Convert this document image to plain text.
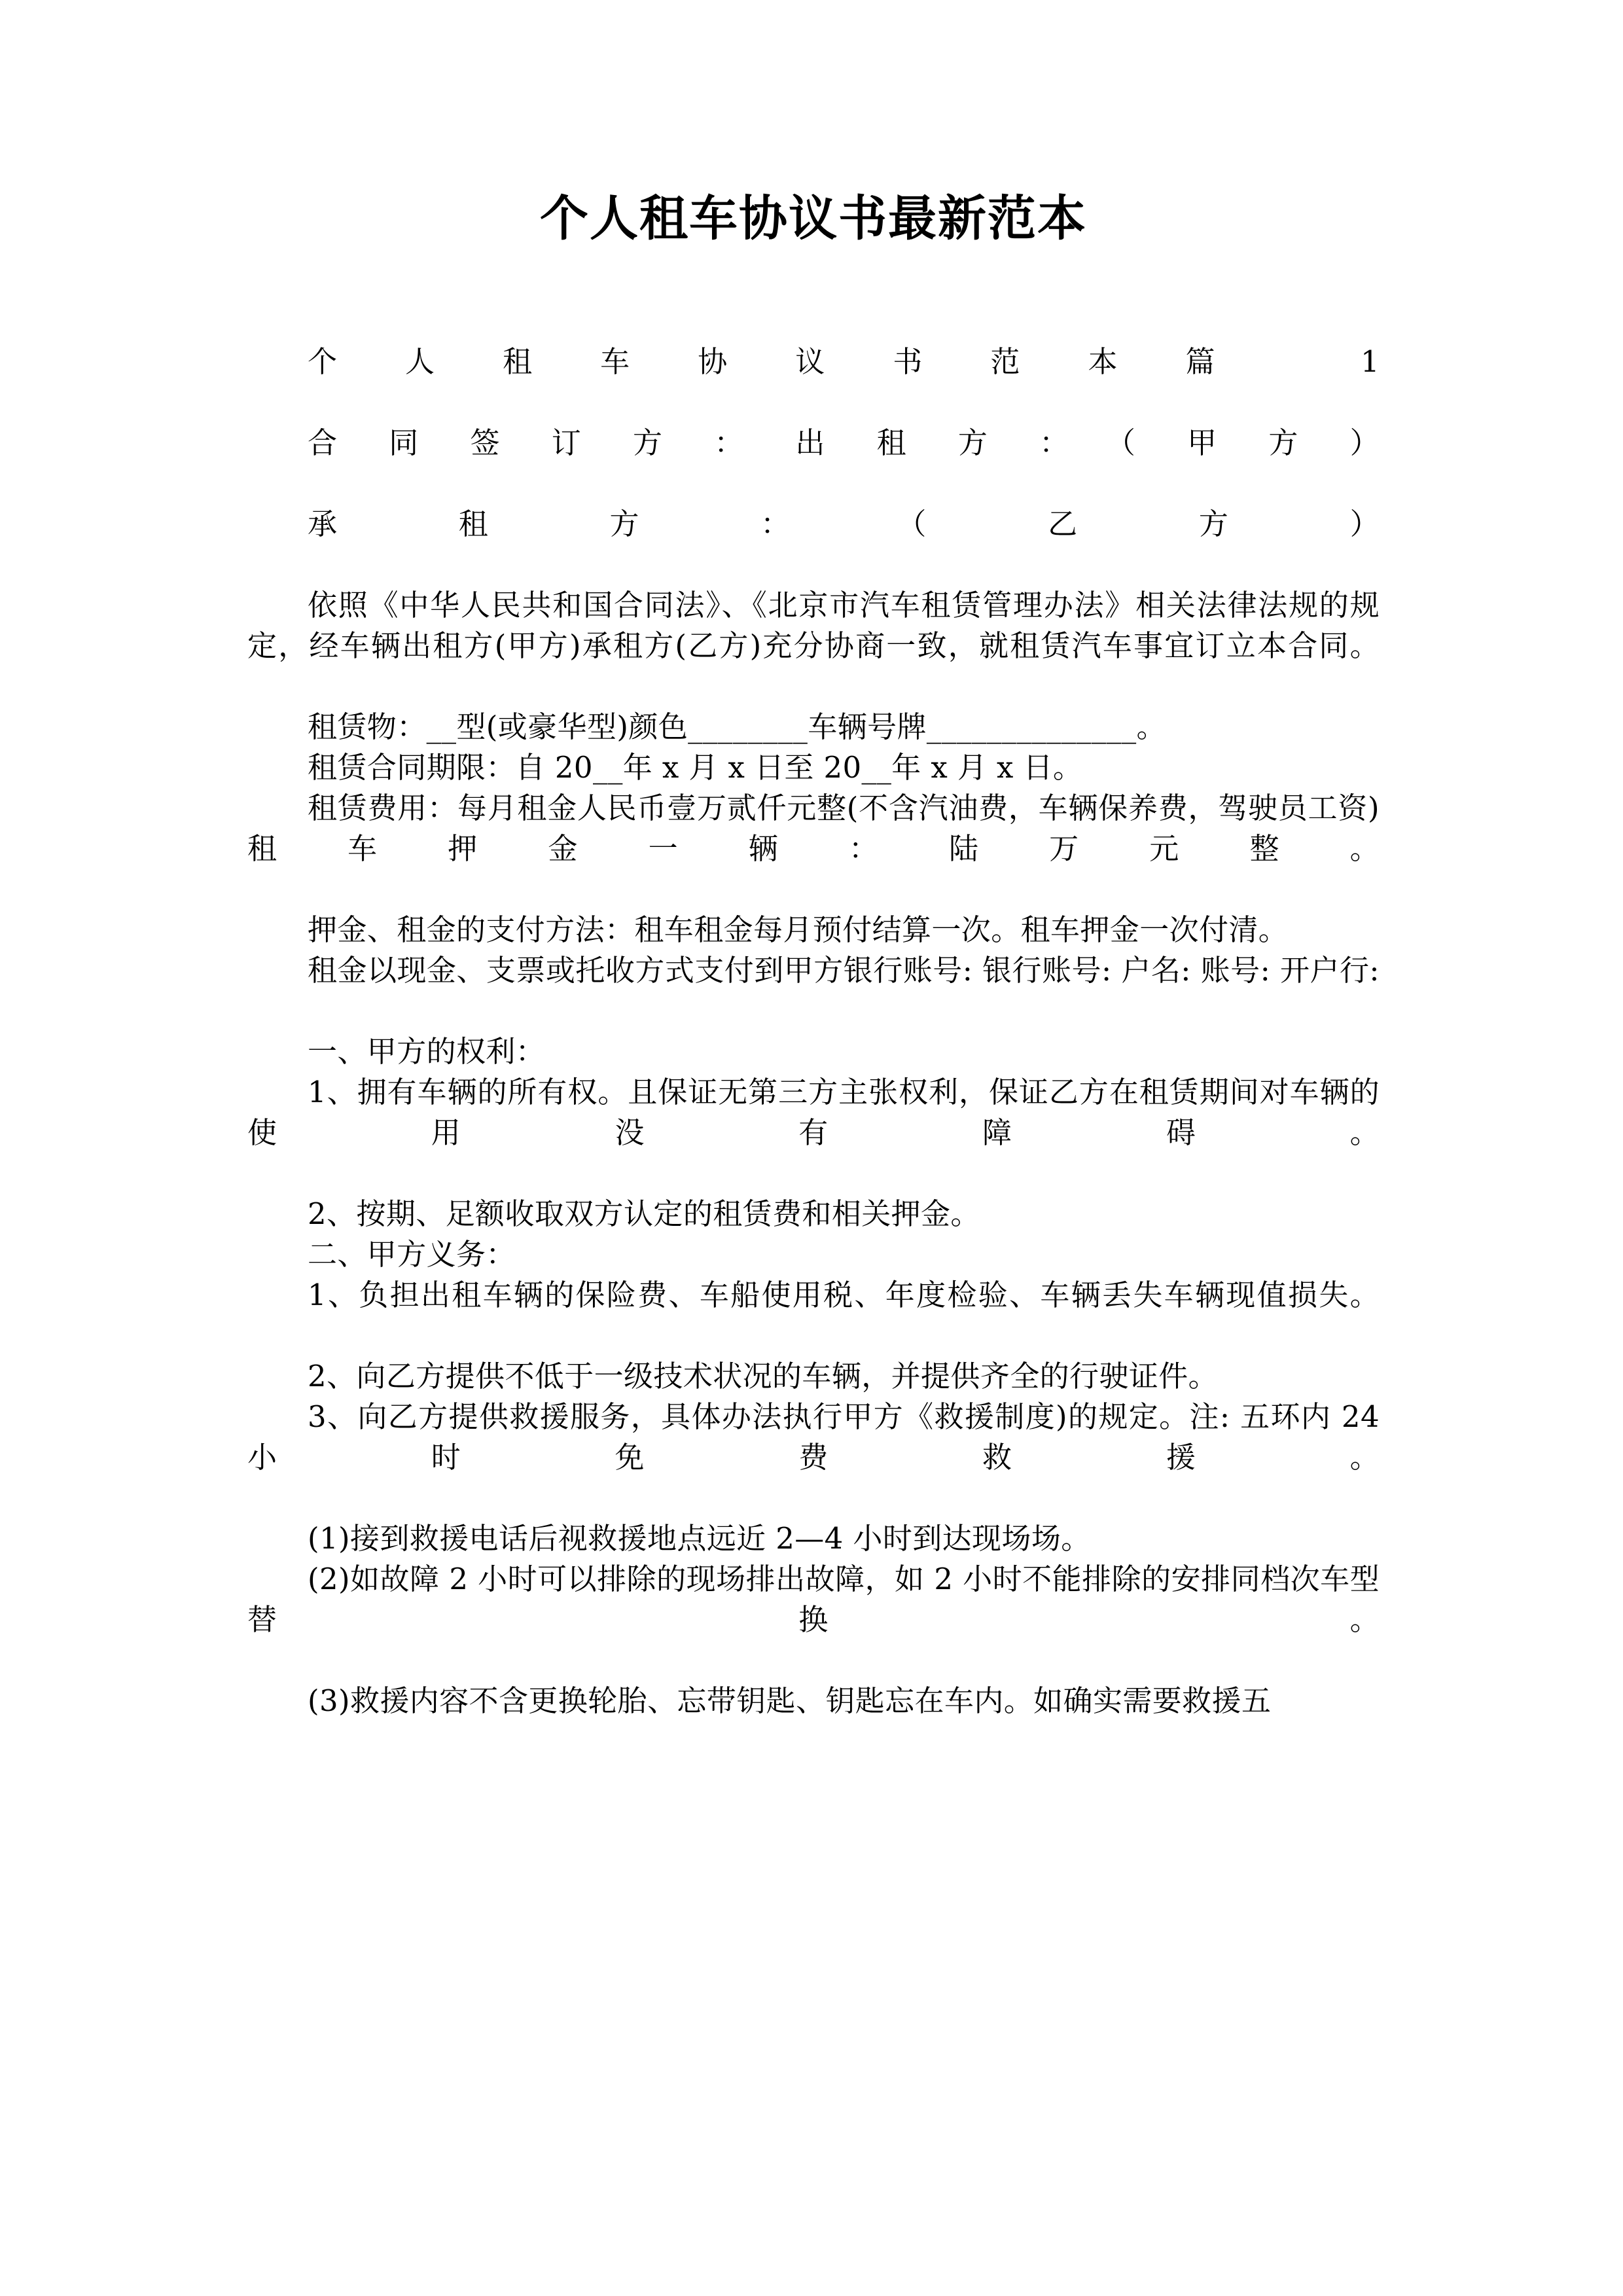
个人租车协议书最新范本

个人租车协议书范本篇 1

合同签订方：出租方：（甲方）

承租方：（乙方）

依照《中华人民共和国合同法》、《北京市汽车租赁管理办法》相关法律法规的规定，经车辆出租方(甲方)承租方(乙方)充分协商一致，就租赁汽车事宜订立本合同。

租赁物：__型(或豪华型)颜色________车辆号牌______________。

租赁合同期限：自 20__年 x 月 x 日至 20__年 x 月 x 日。

租赁费用：每月租金人民币壹万贰仟元整(不含汽油费，车辆保养费，驾驶员工资)租车押金一辆：陆万元整。

押金、租金的支付方法：租车租金每月预付结算一次。租车押金一次付清。

租金以现金、支票或托收方式支付到甲方银行账号: 银行账号: 户名: 账号: 开户行:

一、甲方的权利：

1、拥有车辆的所有权。且保证无第三方主张权利，保证乙方在租赁期间对车辆的使用没有障碍。

2、按期、足额收取双方认定的租赁费和相关押金。

二、甲方义务：

1、负担出租车辆的保险费、车船使用税、年度检验、车辆丢失车辆现值损失。

2、向乙方提供不低于一级技术状况的车辆，并提供齐全的行驶证件。

3、向乙方提供救援服务，具体办法执行甲方《救援制度)的规定。注: 五环内 24 小时免费救援。

(1)接到救援电话后视救援地点远近 2—4 小时到达现场场。

(2)如故障 2 小时可以排除的现场排出故障，如 2 小时不能排除的安排同档次车型替换。

(3)救援内容不含更换轮胎、忘带钥匙、钥匙忘在车内。如确实需要救援五
